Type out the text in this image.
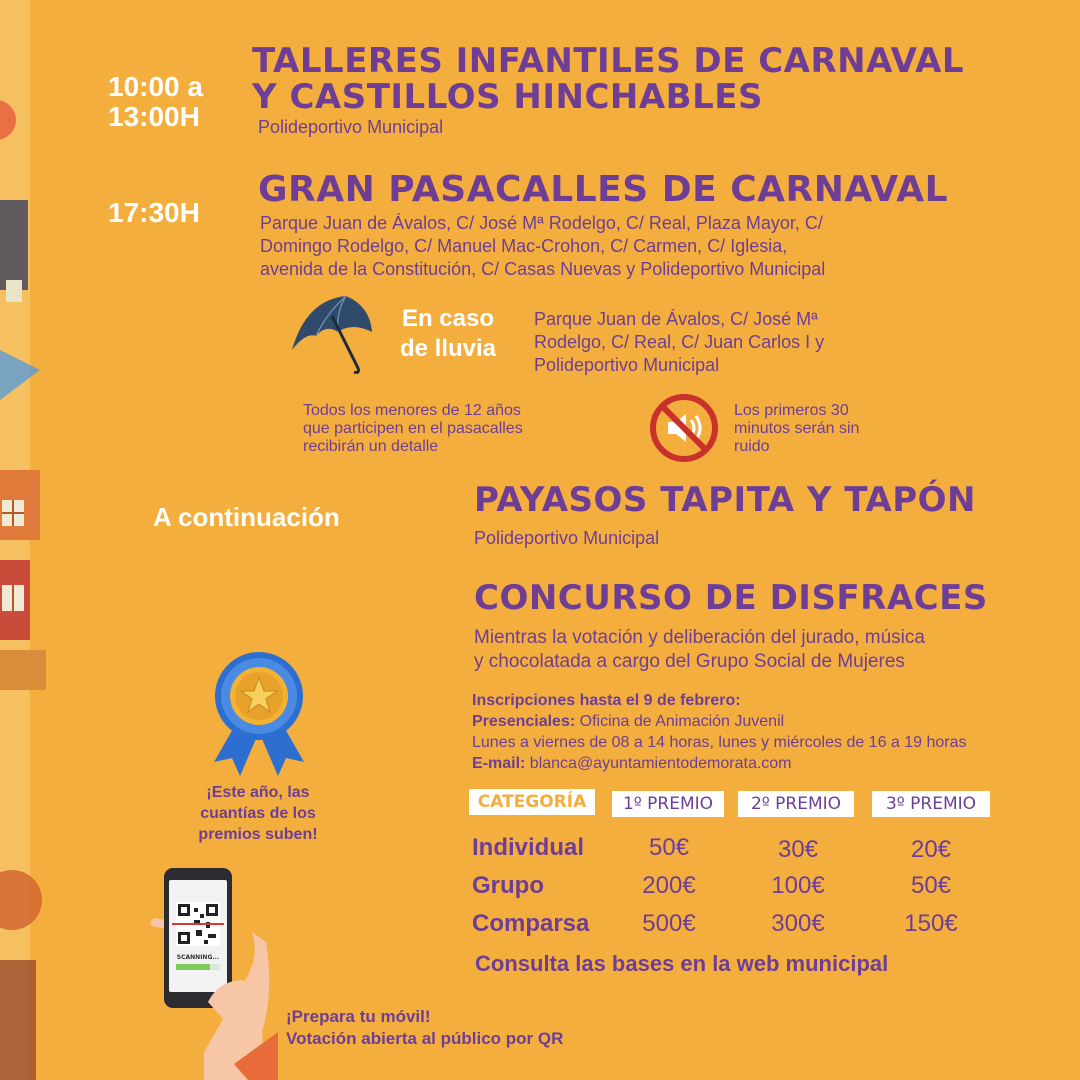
10:00 a
13:00H
TALLERES INFANTILES DE CARNAVAL
Y CASTILLOS HINCHABLES
Polideportivo Municipal
17:30H
GRAN PASACALLES DE CARNAVAL
Parque Juan de Ávalos, C/ José Mª Rodelgo, C/ Real, Plaza Mayor, C/
Domingo Rodelgo, C/ Manuel Mac-Crohon, C/ Carmen, C/ Iglesia,
avenida de la Constitución, C/ Casas Nuevas y Polideportivo Municipal
En caso
de lluvia
Parque Juan de Ávalos, C/ José Mª
Rodelgo, C/ Real, C/ Juan Carlos I y
Polideportivo Municipal
Todos los menores de 12 años
que participen en el pasacalles
recibirán un detalle
Los primeros 30
minutos serán sin
ruido
A continuación	PAYASOS TAPITA Y TAPÓN
Polideportivo Municipal
CONCURSO DE DISFRACES
Mientras la votación y deliberación del jurado, música
y chocolatada a cargo del Grupo Social de Mujeres
Inscripciones hasta el 9 de febrero:
Presenciales: Oficina de Animación Juvenil
Lunes a viernes de 08 a 14 horas, lunes y miércoles de 16 a 19 horas
E-mail: blanca@ayuntamientodemorata.com
CATEGORÍA	1º PREMIO	2º PREMIO	3º PREMIO
Individual	50€	30€	20€
Grupo	200€	100€	50€
Comparsa	500€	300€	150€
Consulta las bases en la web municipal
¡Este año, las
cuantías de los
premios suben!
SCANNING...
¡Prepara tu móvil!
Votación abierta al público por QR
